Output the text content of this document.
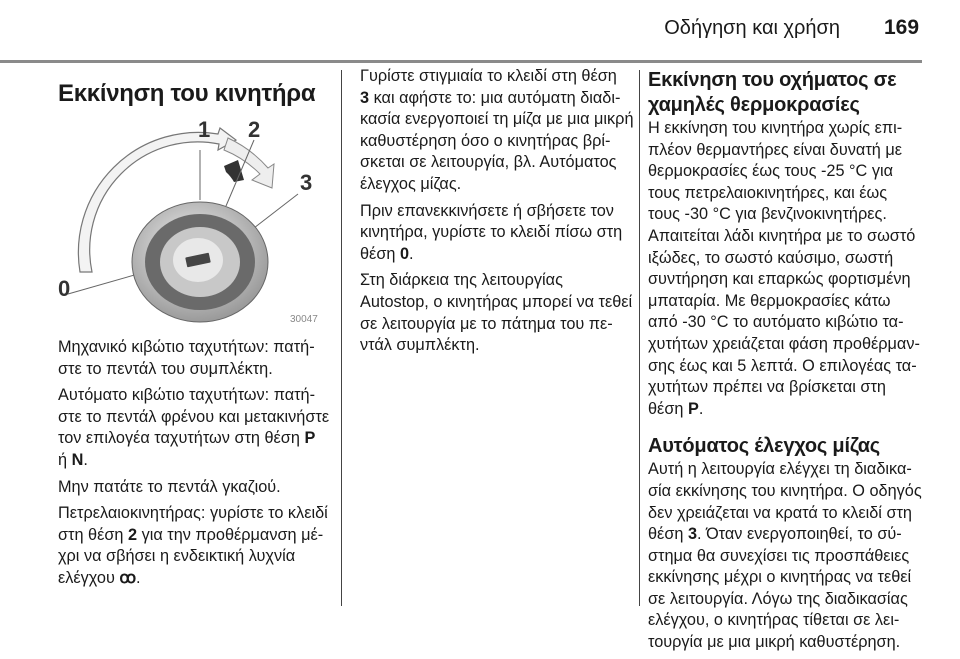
Οδήγηση και χρήση 169
Εκκίνηση του κινητήρα
1 2
3
0
30047

Μηχανικό κιβώτιο ταχυτήτων: πατή-
στε το πεντάλ του συμπλέκτη.

Αυτόματο κιβώτιο ταχυτήτων: πατή-
στε το πεντάλ φρένου και μετακινήστε
τον επιλογέα ταχυτήτων στη θέση P
ή N.

Μην πατάτε το πεντάλ γκαζιού.

Πετρελαιοκινητήρας: γυρίστε το κλειδί
στη θέση 2 για την προθέρμανση μέ-
χρι να σβήσει η ενδεικτική λυχνία
ελέγχου ꝏ.

Γυρίστε στιγμιαία το κλειδί στη θέση
3 και αφήστε το: μια αυτόματη διαδι-
κασία ενεργοποιεί τη μίζα με μια μικρή
καθυστέρηση όσο ο κινητήρας βρί-
σκεται σε λειτουργία, βλ. Αυτόματος
έλεγχος μίζας.

Πριν επανεκκινήσετε ή σβήσετε τον
κινητήρα, γυρίστε το κλειδί πίσω στη
θέση 0.

Στη διάρκεια της λειτουργίας
Autostop, ο κινητήρας μπορεί να τεθεί
σε λειτουργία με το πάτημα του πε-
ντάλ συμπλέκτη.

Εκκίνηση του οχήματος σε
χαμηλές θερμοκρασίες

Η εκκίνηση του κινητήρα χωρίς επι-
πλέον θερμαντήρες είναι δυνατή με
θερμοκρασίες έως τους -25 °C για
τους πετρελαιοκινητήρες, και έως
τους -30 °C για βενζινοκινητήρες.
Απαιτείται λάδι κινητήρα με το σωστό
ιξώδες, το σωστό καύσιμο, σωστή
συντήρηση και επαρκώς φορτισμένη
μπαταρία. Με θερμοκρασίες κάτω
από -30 °C το αυτόματο κιβώτιο τα-
χυτήτων χρειάζεται φάση προθέρμαν-
σης έως και 5 λεπτά. Ο επιλογέας τα-
χυτήτων πρέπει να βρίσκεται στη
θέση P.

Αυτόματος έλεγχος μίζας

Αυτή η λειτουργία ελέγχει τη διαδικα-
σία εκκίνησης του κινητήρα. Ο οδηγός
δεν χρειάζεται να κρατά το κλειδί στη
θέση 3. Όταν ενεργοποιηθεί, το σύ-
στημα θα συνεχίσει τις προσπάθειες
εκκίνησης μέχρι ο κινητήρας να τεθεί
σε λειτουργία. Λόγω της διαδικασίας
ελέγχου, ο κινητήρας τίθεται σε λει-
τουργία με μια μικρή καθυστέρηση.
